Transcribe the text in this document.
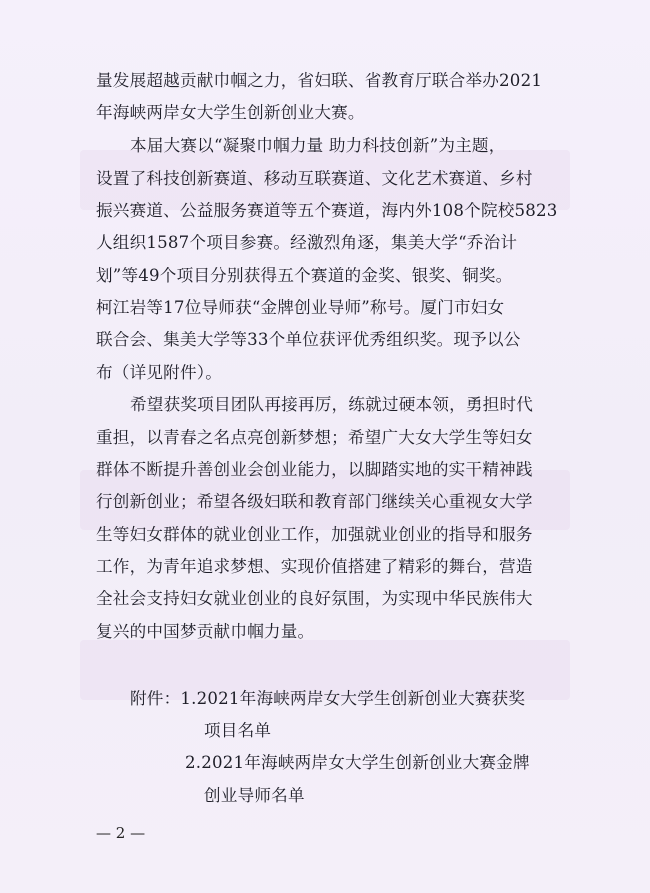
量发展超越贡献巾帼之力，省妇联、省教育厅联合举办2021
年海峡两岸女大学生创新创业大赛。
本届大赛以“凝聚巾帼力量 助力科技创新”为主题，
设置了科技创新赛道、移动互联赛道、文化艺术赛道、乡村
振兴赛道、公益服务赛道等五个赛道，海内外108个院校5823
人组织1587个项目参赛。经激烈角逐，集美大学“乔治计
划”等49个项目分别获得五个赛道的金奖、银奖、铜奖。
柯江岩等17位导师获“金牌创业导师”称号。厦门市妇女
联合会、集美大学等33个单位获评优秀组织奖。现予以公
布（详见附件）。
希望获奖项目团队再接再厉，练就过硬本领，勇担时代
重担，以青春之名点亮创新梦想；希望广大女大学生等妇女
群体不断提升善创业会创业能力，以脚踏实地的实干精神践
行创新创业；希望各级妇联和教育部门继续关心重视女大学
生等妇女群体的就业创业工作，加强就业创业的指导和服务
工作，为青年追求梦想、实现价值搭建了精彩的舞台，营造
全社会支持妇女就业创业的良好氛围，为实现中华民族伟大
复兴的中国梦贡献巾帼力量。
附件：1.2021年海峡两岸女大学生创新创业大赛获奖
项目名单
2.2021年海峡两岸女大学生创新创业大赛金牌
创业导师名单
— 2 —
